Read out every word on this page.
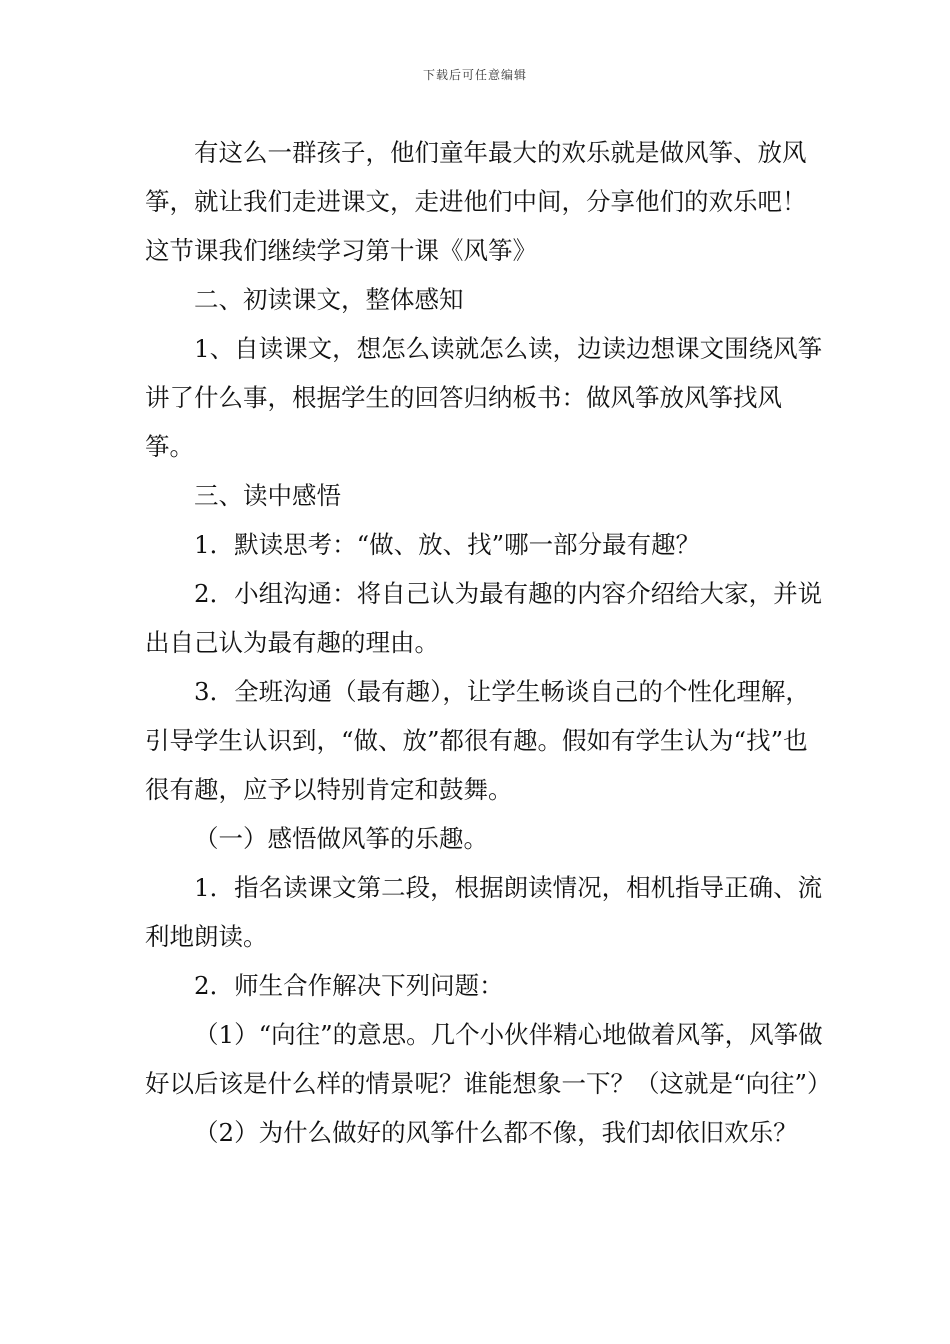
下载后可任意编辑

有这么一群孩子，他们童年最大的欢乐就是做风筝、放风筝，就让我们走进课文，走进他们中间，分享他们的欢乐吧！这节课我们继续学习第十课《风筝》

二、初读课文，整体感知

1、自读课文，想怎么读就怎么读，边读边想课文围绕风筝讲了什么事，根据学生的回答归纳板书：做风筝放风筝找风筝。

三、读中感悟

1．默读思考：“做、放、找”哪一部分最有趣？

2．小组沟通：将自己认为最有趣的内容介绍给大家，并说出自己认为最有趣的理由。

3．全班沟通（最有趣），让学生畅谈自己的个性化理解，引导学生认识到，“做、放”都很有趣。假如有学生认为“找”也很有趣，应予以特别肯定和鼓舞。

（一）感悟做风筝的乐趣。

1．指名读课文第二段，根据朗读情况，相机指导正确、流利地朗读。

2．师生合作解决下列问题：

（1）“向往”的意思。几个小伙伴精心地做着风筝，风筝做好以后该是什么样的情景呢？谁能想象一下？（这就是“向往”）

（2）为什么做好的风筝什么都不像，我们却依旧欢乐？
